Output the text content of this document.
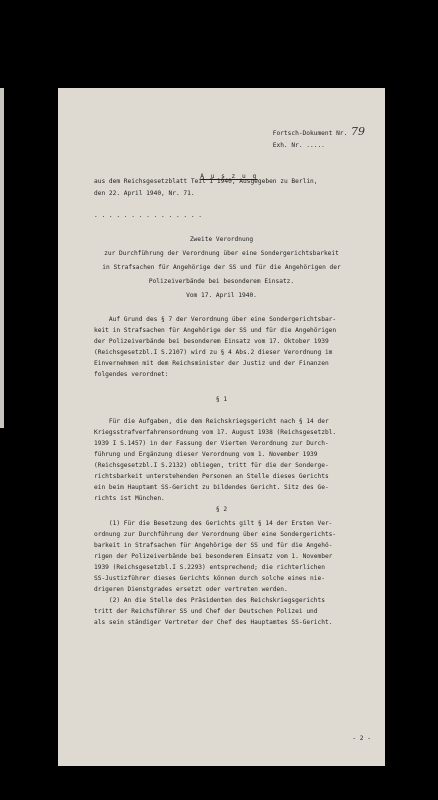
Fortsch-Dokument Nr. 79
Exh. Nr. .....

A u s z u g

aus dem Reichsgesetzblatt Teil I 1940, Ausgegeben zu Berlin,
den 22. April 1940, Nr. 71.
. . . . . . . . . . . . . . .
Zweite Verordnung
zur Durchführung der Verordnung über eine Sondergerichtsbarkeit
in Strafsachen für Angehörige der SS und für die Angehörigen der
Polizeiverbände bei besonderem Einsatz.
Vom 17. April 1940.
Auf Grund des § 7 der Verordnung über eine Sondergerichtsbar-
keit in Strafsachen für Angehörige der SS und für die Angehörigen
der Polizeiverbände bei besonderem Einsatz vom 17. Oktober 1939
(Reichsgesetzbl.I S.2107) wird zu § 4 Abs.2 dieser Verordnung im
Einvernehmen mit dem Reichsminister der Justiz und der Finanzen
folgendes verordnet:
§ 1
Für die Aufgaben, die dem Reichskriegsgericht nach § 14 der
Kriegsstrafverfahrensordnung vom 17. August 1938 (Reichsgesetzbl.
1939 I S.1457) in der Fassung der Vierten Verordnung zur Durch-
führung und Ergänzung dieser Verordnung vom 1. November 1939
(Reichsgesetzbl.I S.2132) obliegen, tritt für die der Sonderge-
richtsbarkeit unterstehenden Personen an Stelle dieses Gerichts
ein beim Hauptamt SS-Gericht zu bildendes Gericht. Sitz des Ge-
richts ist München.
§ 2
(1) Für die Besetzung des Gerichts gilt § 14 der Ersten Ver-
ordnung zur Durchführung der Verordnung über eine Sondergerichts-
barkeit in Strafsachen für Angehörige der SS und für die Angehö-
rigen der Polizeiverbände bei besonderem Einsatz vom 1. November
1939 (Reichsgesetzbl.I S.2293) entsprechend; die richterlichen
SS-Justizführer dieses Gerichts können durch solche eines nie-
drigeren Dienstgrades ersetzt oder vertreten werden.
(2) An die Stelle des Präsidenten des Reichskriegsgerichts
tritt der Reichsführer SS und Chef der Deutschen Polizei und
als sein ständiger Vertreter der Chef des Hauptamtes SS-Gericht.
- 2 -
